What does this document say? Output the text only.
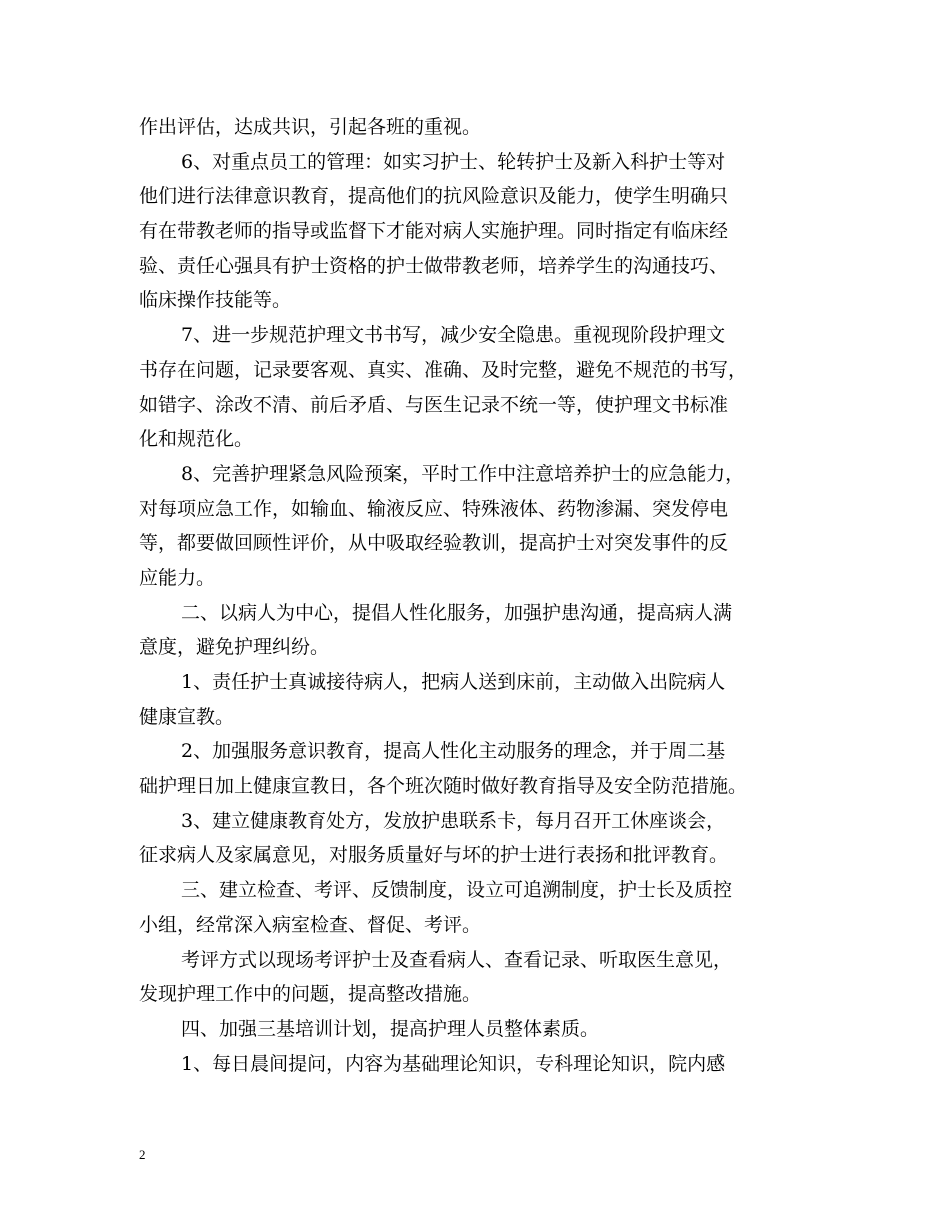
作出评估，达成共识，引起各班的重视。
6、对重点员工的管理：如实习护士、轮转护士及新入科护士等对
他们进行法律意识教育，提高他们的抗风险意识及能力，使学生明确只
有在带教老师的指导或监督下才能对病人实施护理。同时指定有临床经
验、责任心强具有护士资格的护士做带教老师，培养学生的沟通技巧、
临床操作技能等。
7、进一步规范护理文书书写，减少安全隐患。重视现阶段护理文
书存在问题，记录要客观、真实、准确、及时完整，避免不规范的书写，
如错字、涂改不清、前后矛盾、与医生记录不统一等，使护理文书标准
化和规范化。
8、完善护理紧急风险预案，平时工作中注意培养护士的应急能力，
对每项应急工作，如输血、输液反应、特殊液体、药物渗漏、突发停电
等，都要做回顾性评价，从中吸取经验教训，提高护士对突发事件的反
应能力。
二、以病人为中心，提倡人性化服务，加强护患沟通，提高病人满
意度，避免护理纠纷。
1、责任护士真诚接待病人，把病人送到床前，主动做入出院病人
健康宣教。
2、加强服务意识教育，提高人性化主动服务的理念，并于周二基
础护理日加上健康宣教日，各个班次随时做好教育指导及安全防范措施。
3、建立健康教育处方，发放护患联系卡，每月召开工休座谈会，
征求病人及家属意见，对服务质量好与坏的护士进行表扬和批评教育。
三、建立检查、考评、反馈制度，设立可追溯制度，护士长及质控
小组，经常深入病室检查、督促、考评。
考评方式以现场考评护士及查看病人、查看记录、听取医生意见，
发现护理工作中的问题，提高整改措施。
四、加强三基培训计划，提高护理人员整体素质。
1、每日晨间提问，内容为基础理论知识，专科理论知识，院内感
2
